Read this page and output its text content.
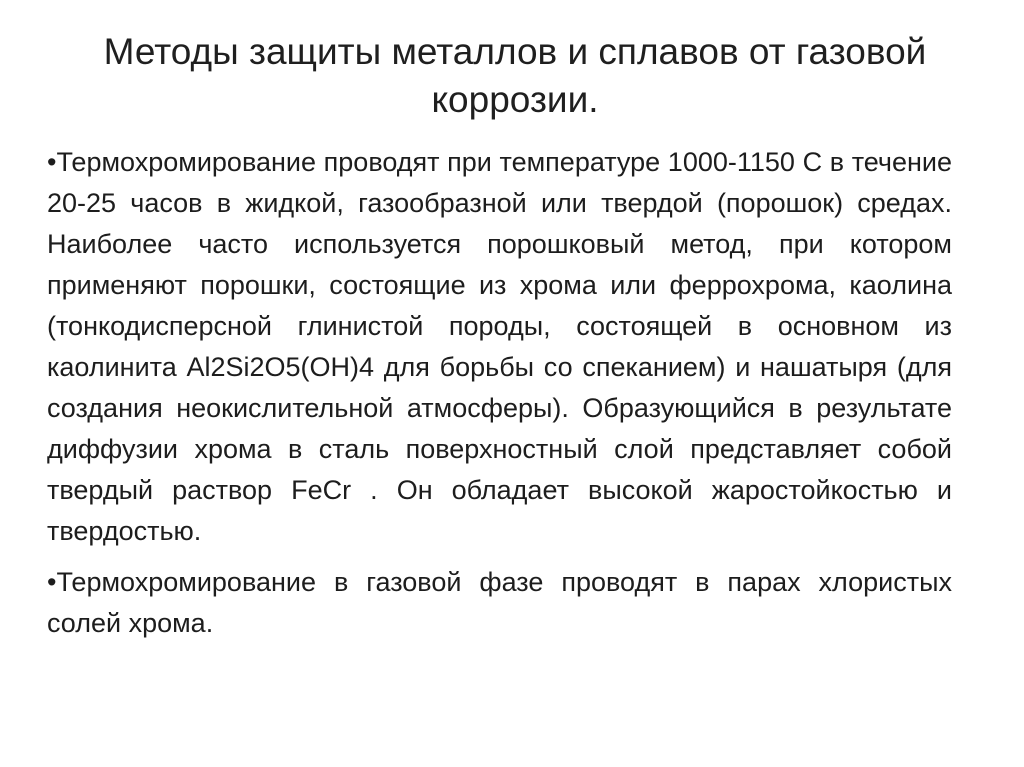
Методы защиты металлов и сплавов от газовой коррозии.

•Термохромирование проводят при температуре 1000-1150 С в течение 20-25 часов в жидкой, газообразной или твердой (порошок) средах. Наиболее часто используется порошковый метод, при котором применяют порошки, состоящие из хрома или феррохрома, каолина (тонкодисперсной глинистой породы, состоящей в основном из каолинита Al2Si2O5(OH)4 для борьбы со спеканием) и нашатыря (для создания неокислительной атмосферы). Образующийся в результате диффузии хрома в сталь поверхностный слой представляет собой твердый раствор FeCr . Он обладает высокой жаростойкостью и твердостью.

•Термохромирование в газовой фазе проводят в парах хлористых солей хрома.
